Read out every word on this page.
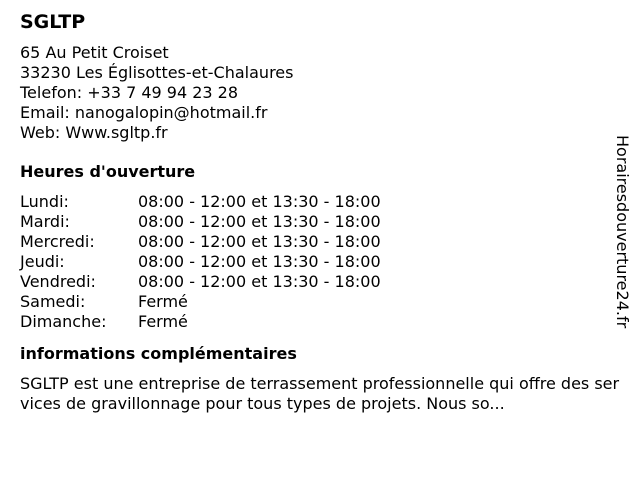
SGLTP
65 Au Petit Croiset
33230 Les Églisottes-et-Chalaures
Telefon: +33 7 49 94 23 28
Email: nanogalopin@hotmail.fr
Web: Www.sgltp.fr
Heures d'ouverture
Lundi:	08:00 - 12:00 et 13:30 - 18:00
Mardi:	08:00 - 12:00 et 13:30 - 18:00
Mercredi:	08:00 - 12:00 et 13:30 - 18:00
Jeudi:	08:00 - 12:00 et 13:30 - 18:00
Vendredi:	08:00 - 12:00 et 13:30 - 18:00
Samedi:	Fermé
Dimanche:	Fermé
informations complémentaires
SGLTP est une entreprise de terrassement professionnelle qui offre des services de gravillonnage pour tous types de projets. Nous so...
Horairesdouverture24.fr
